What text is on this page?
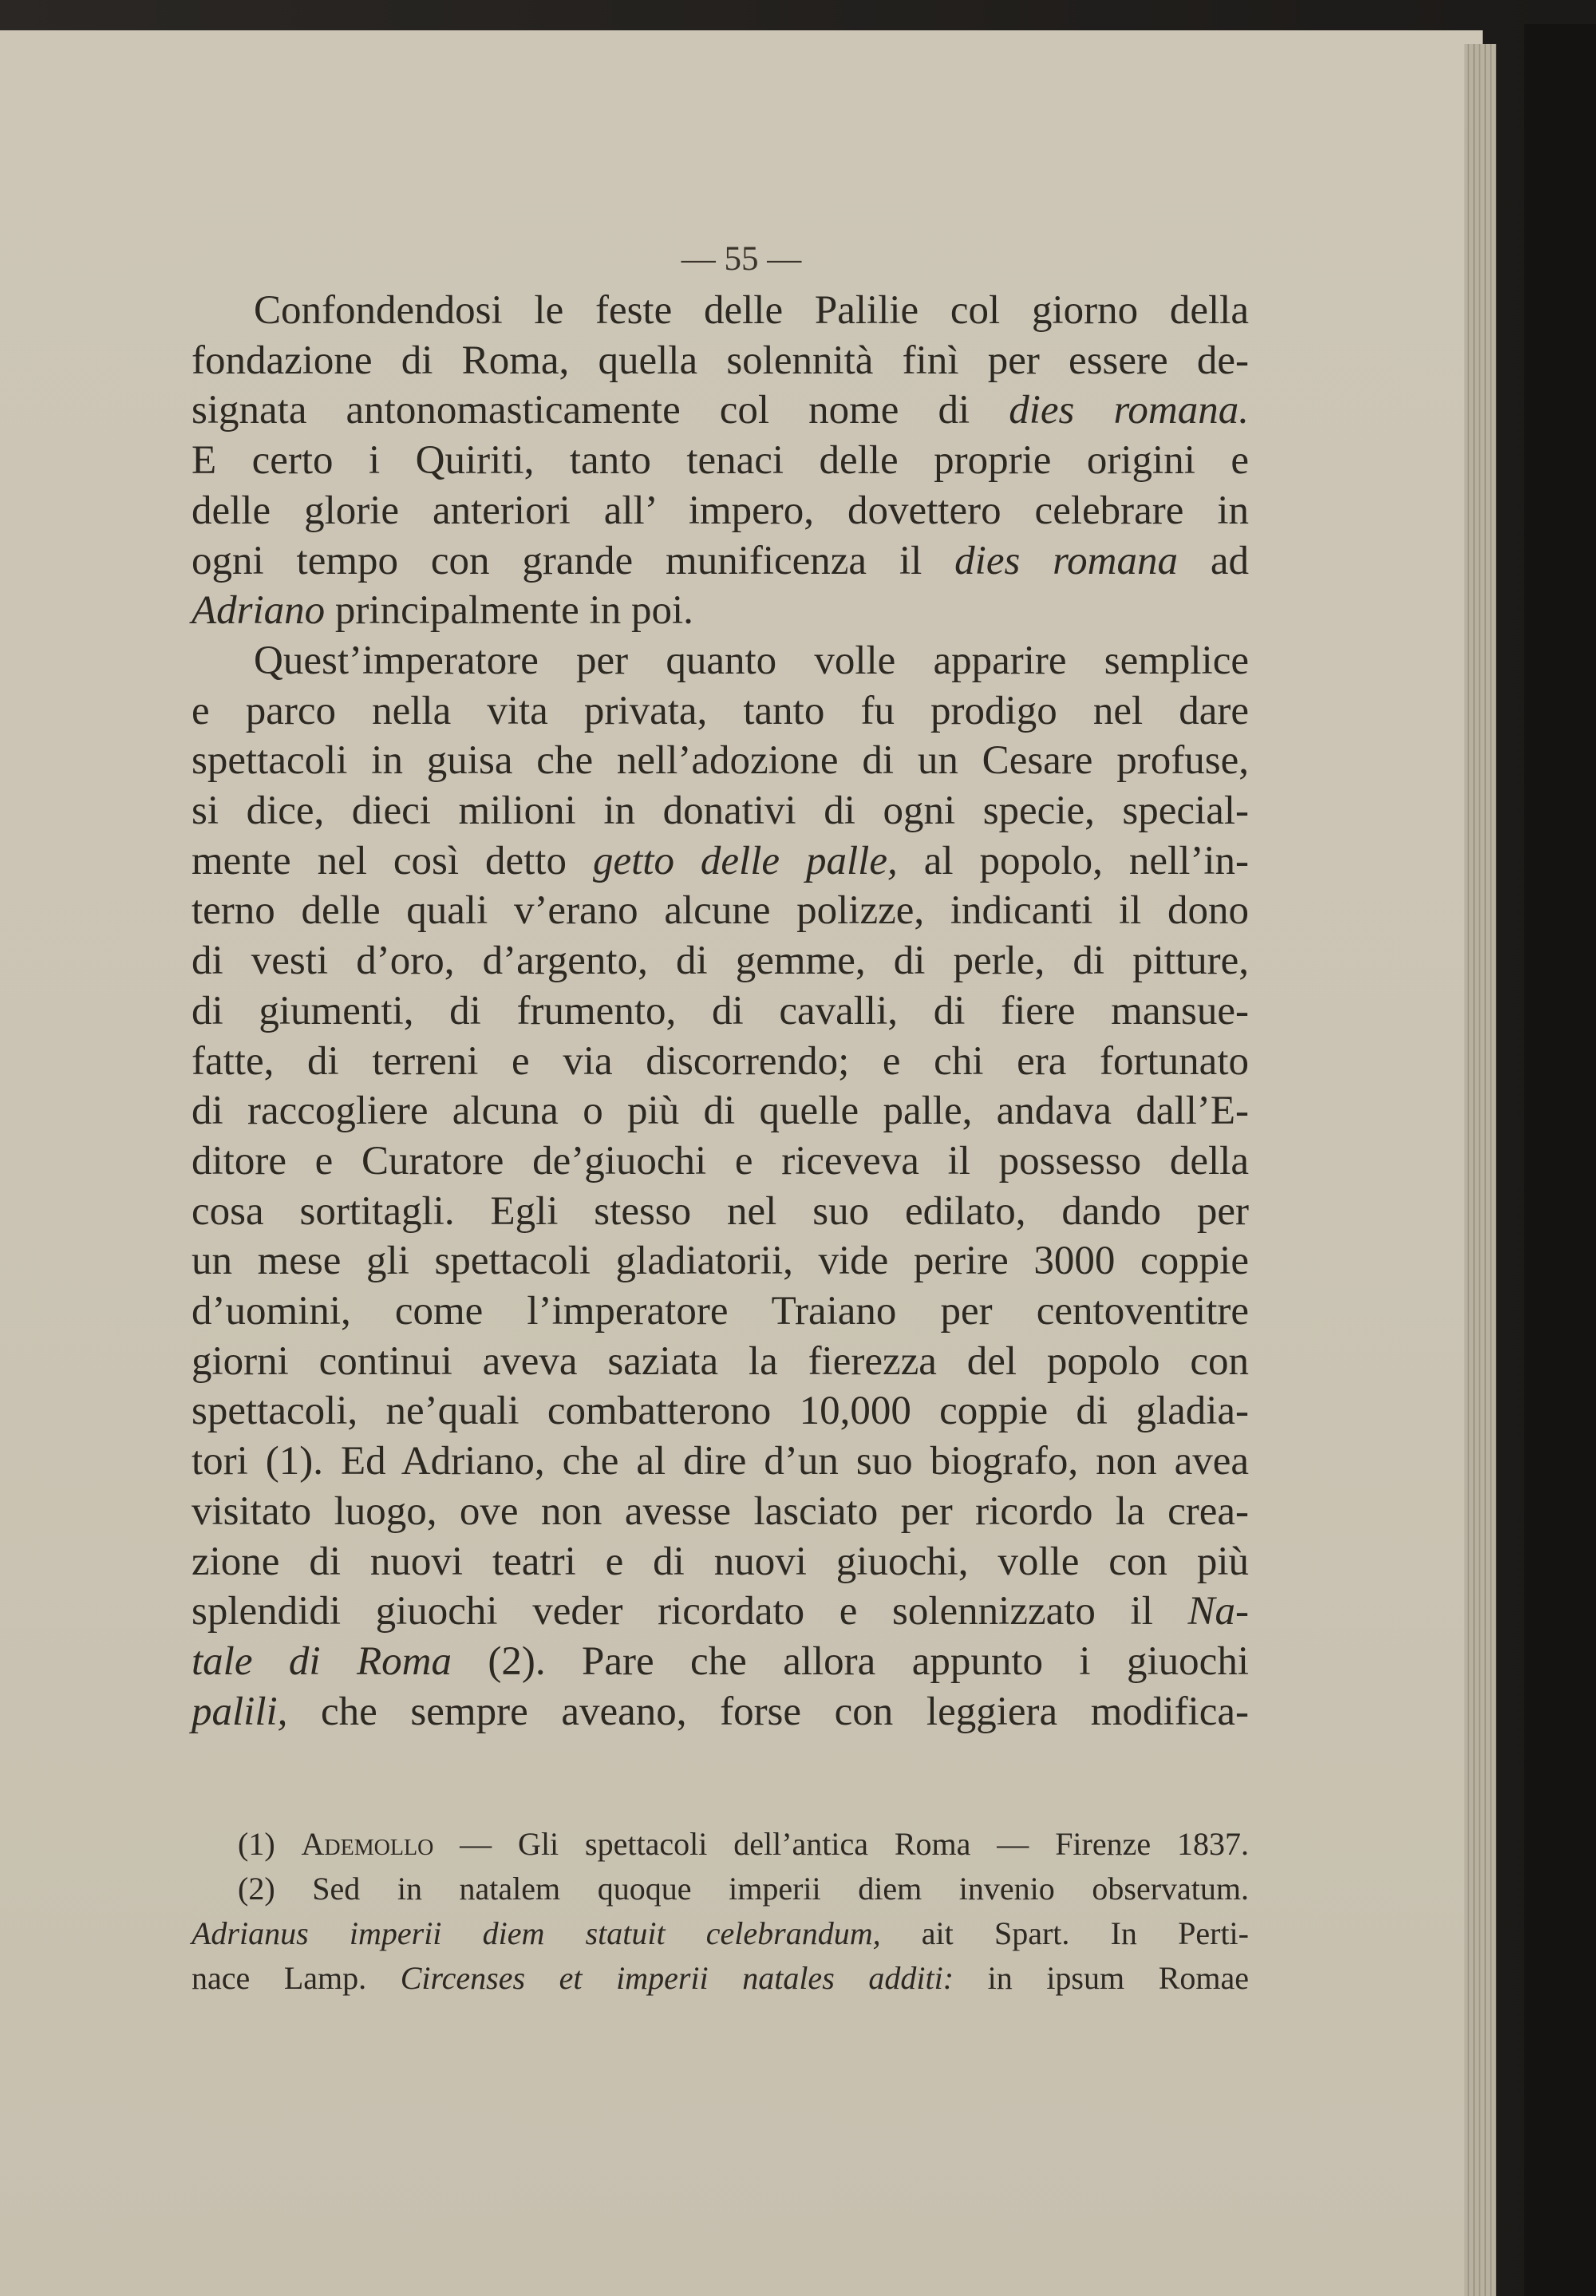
— 55 —
Confondendosi le feste delle Palilie col giorno della
fondazione di Roma, quella solennità finì per essere de-
signata antonomasticamente col nome di dies romana.
E certo i Quiriti, tanto tenaci delle proprie origini e
delle glorie anteriori all’ impero, dovettero celebrare in
ogni tempo con grande munificenza il dies romana ad
Adriano principalmente in poi.
Quest’imperatore per quanto volle apparire semplice
e parco nella vita privata, tanto fu prodigo nel dare
spettacoli in guisa che nell’adozione di un Cesare profuse,
si dice, dieci milioni in donativi di ogni specie, special-
mente nel così detto getto delle palle, al popolo, nell’in-
terno delle quali v’erano alcune polizze, indicanti il dono
di vesti d’oro, d’argento, di gemme, di perle, di pitture,
di giumenti, di frumento, di cavalli, di fiere mansue-
fatte, di terreni e via discorrendo; e chi era fortunato
di raccogliere alcuna o più di quelle palle, andava dall’E-
ditore e Curatore de’giuochi e riceveva il possesso della
cosa sortitagli. Egli stesso nel suo edilato, dando per
un mese gli spettacoli gladiatorii, vide perire 3000 coppie
d’uomini, come l’imperatore Traiano per centoventitre
giorni continui aveva saziata la fierezza del popolo con
spettacoli, ne’quali combatterono 10,000 coppie di gladia-
tori (1). Ed Adriano, che al dire d’un suo biografo, non avea
visitato luogo, ove non avesse lasciato per ricordo la crea-
zione di nuovi teatri e di nuovi giuochi, volle con più
splendidi giuochi veder ricordato e solennizzato il Na-
tale di Roma (2). Pare che allora appunto i giuochi
palili, che sempre aveano, forse con leggiera modifica-
(1) Ademollo — Gli spettacoli dell’antica Roma — Firenze 1837.
(2) Sed in natalem quoque imperii diem invenio observatum.
Adrianus imperii diem statuit celebrandum, ait Spart. In Perti-
nace Lamp. Circenses et imperii natales additi: in ipsum Romae
